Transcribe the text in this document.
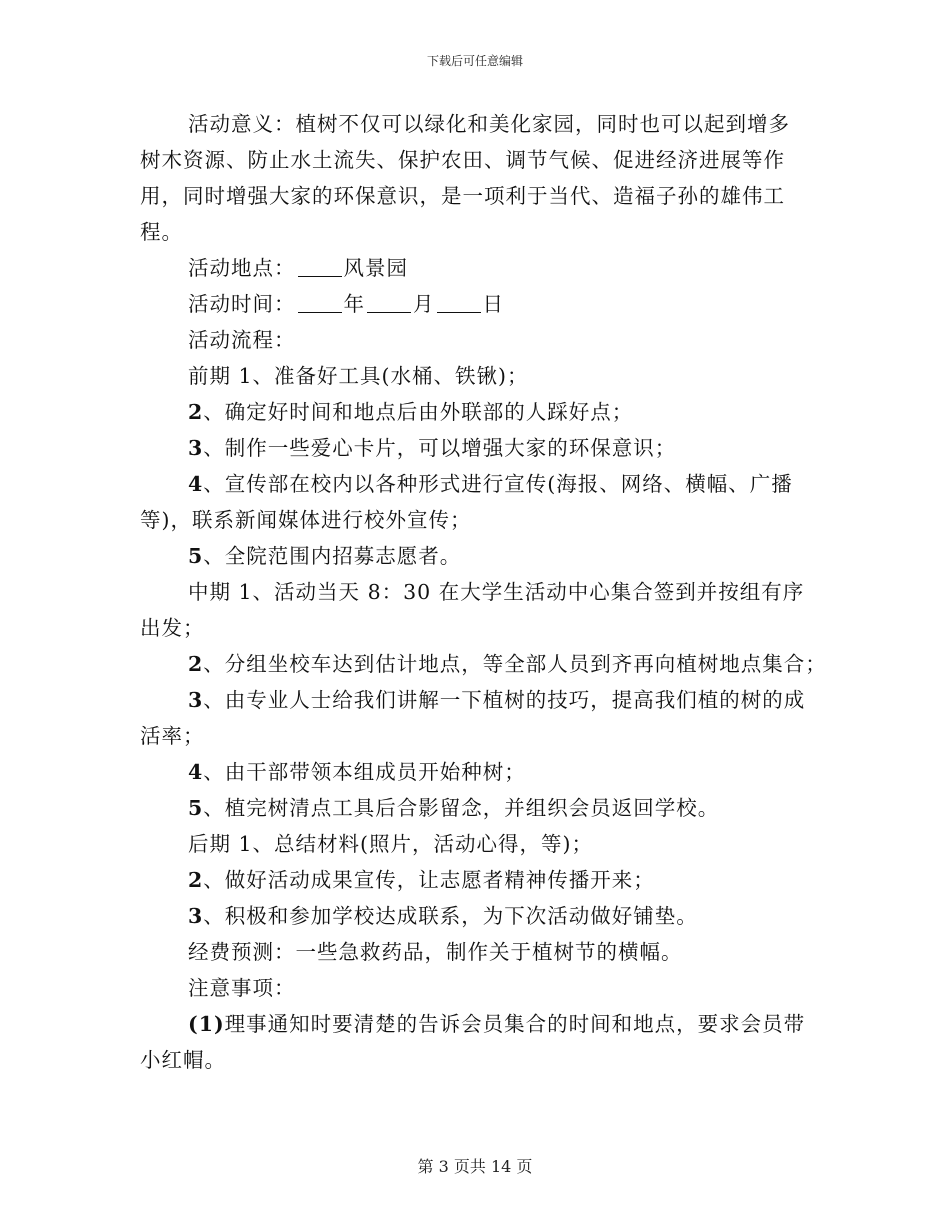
下载后可任意编辑

活动意义：植树不仅可以绿化和美化家园，同时也可以起到增多
树木资源、防止水土流失、保护农田、调节气候、促进经济进展等作
用，同时增强大家的环保意识，是一项利于当代、造福子孙的雄伟工
程。

活动地点： 风景园

活动时间： 年 月 日

活动流程：

前期 1、准备好工具(水桶、铁锹)；

2、确定好时间和地点后由外联部的人踩好点；

3、制作一些爱心卡片，可以增强大家的环保意识；

4、宣传部在校内以各种形式进行宣传(海报、网络、横幅、广播
等)，联系新闻媒体进行校外宣传；

5、全院范围内招募志愿者。

中期 1、活动当天 8：30 在大学生活动中心集合签到并按组有序
出发；

2、分组坐校车达到估计地点，等全部人员到齐再向植树地点集合；

3、由专业人士给我们讲解一下植树的技巧，提高我们植的树的成
活率；

4、由干部带领本组成员开始种树；

5、植完树清点工具后合影留念，并组织会员返回学校。

后期 1、总结材料(照片，活动心得，等)；

2、做好活动成果宣传，让志愿者精神传播开来；

3、积极和参加学校达成联系，为下次活动做好铺垫。

经费预测：一些急救药品，制作关于植树节的横幅。

注意事项：

(1)理事通知时要清楚的告诉会员集合的时间和地点，要求会员带
小红帽。

第 3 页共 14 页
